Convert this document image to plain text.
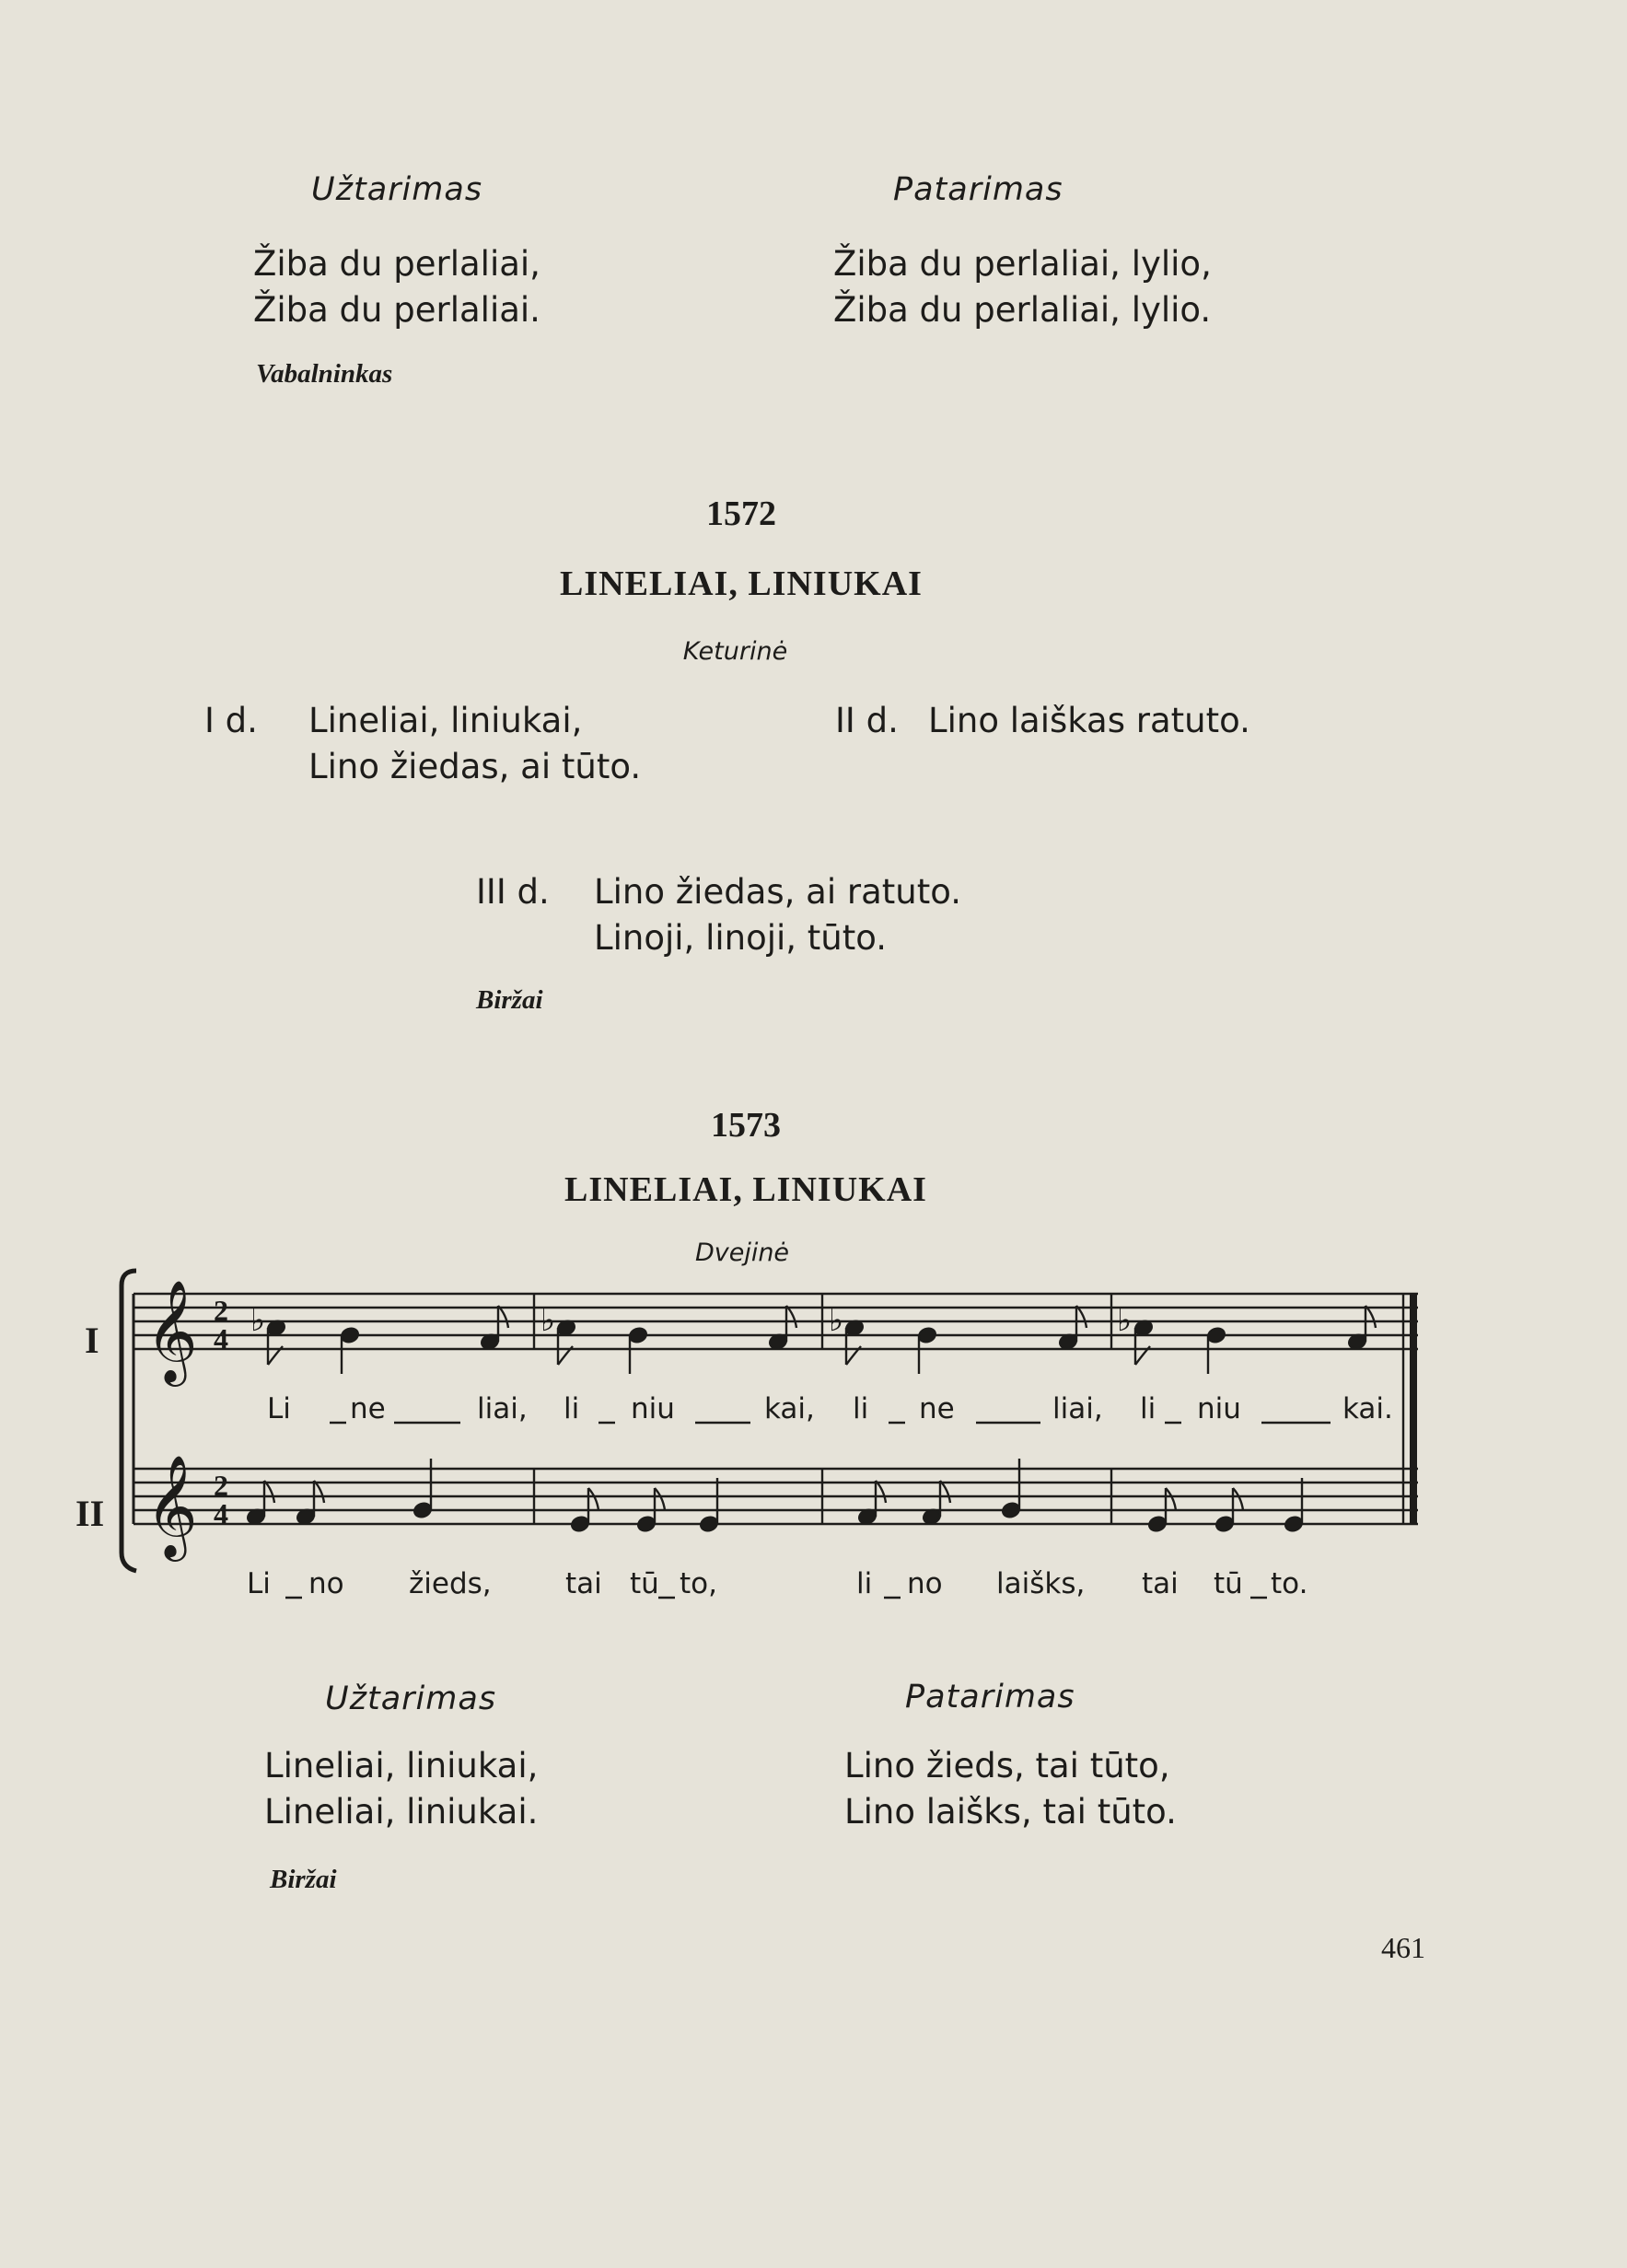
Užtarimas	Patarimas
Žiba du perlaliai,
Žiba du perlaliai.
Žiba du perlaliai, lylio,
Žiba du perlaliai, lylio.
Vabalninkas
1572
LINELIAI, LINIUKAI
Keturinė
I d. Lineliai, liniukai,
Lino žiedas, ai tūto.
II d. Lino laiškas ratuto.
III d. Lino žiedas, ai ratuto.
Linoji, linoji, tūto.
Biržai
1573
LINELIAI, LINIUKAI
Dvejinė
I
II
𝄞
𝄞
2
4
2
4
♭	♭	♭	♭
Li ne	liai, li niu	kai, li ne	liai, li niu	kai.
Li no žieds,	tai tū to,	li no laišks, tai tū to.
Užtarimas	Patarimas
Lineliai, liniukai,
Lineliai, liniukai.
Lino žieds, tai tūto,
Lino laišks, tai tūto.
Biržai
461
